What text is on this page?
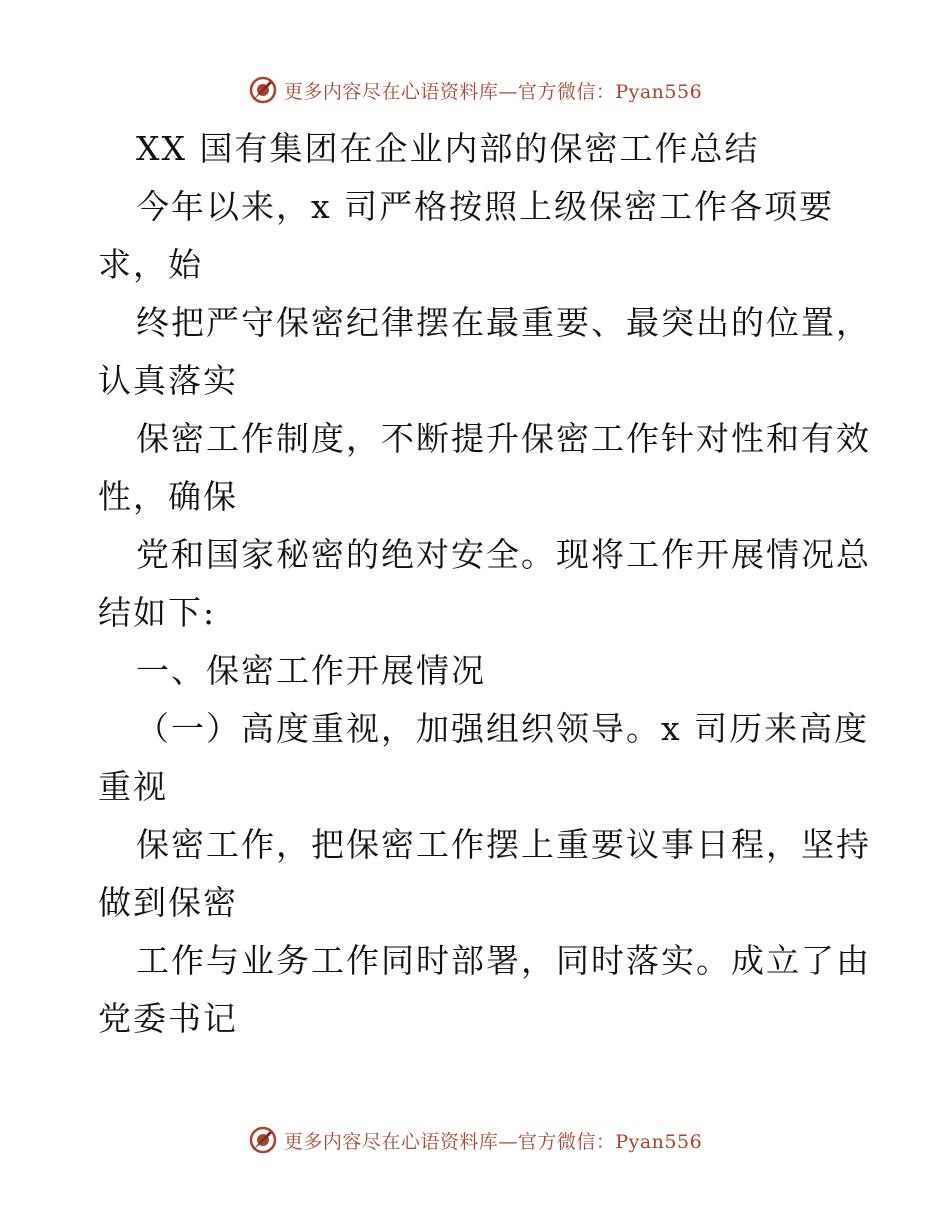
更多内容尽在心语资料库—官方微信：Pyan556
XX 国有集团在企业内部的保密工作总结
今年以来，x 司严格按照上级保密工作各项要
求，始
终把严守保密纪律摆在最重要、最突出的位置，
认真落实
保密工作制度，不断提升保密工作针对性和有效
性，确保
党和国家秘密的绝对安全。现将工作开展情况总
结如下:
一、保密工作开展情况
（一）高度重视，加强组织领导。x 司历来高度
重视
保密工作，把保密工作摆上重要议事日程，坚持
做到保密
工作与业务工作同时部署，同时落实。成立了由
党委书记
更多内容尽在心语资料库—官方微信：Pyan556
